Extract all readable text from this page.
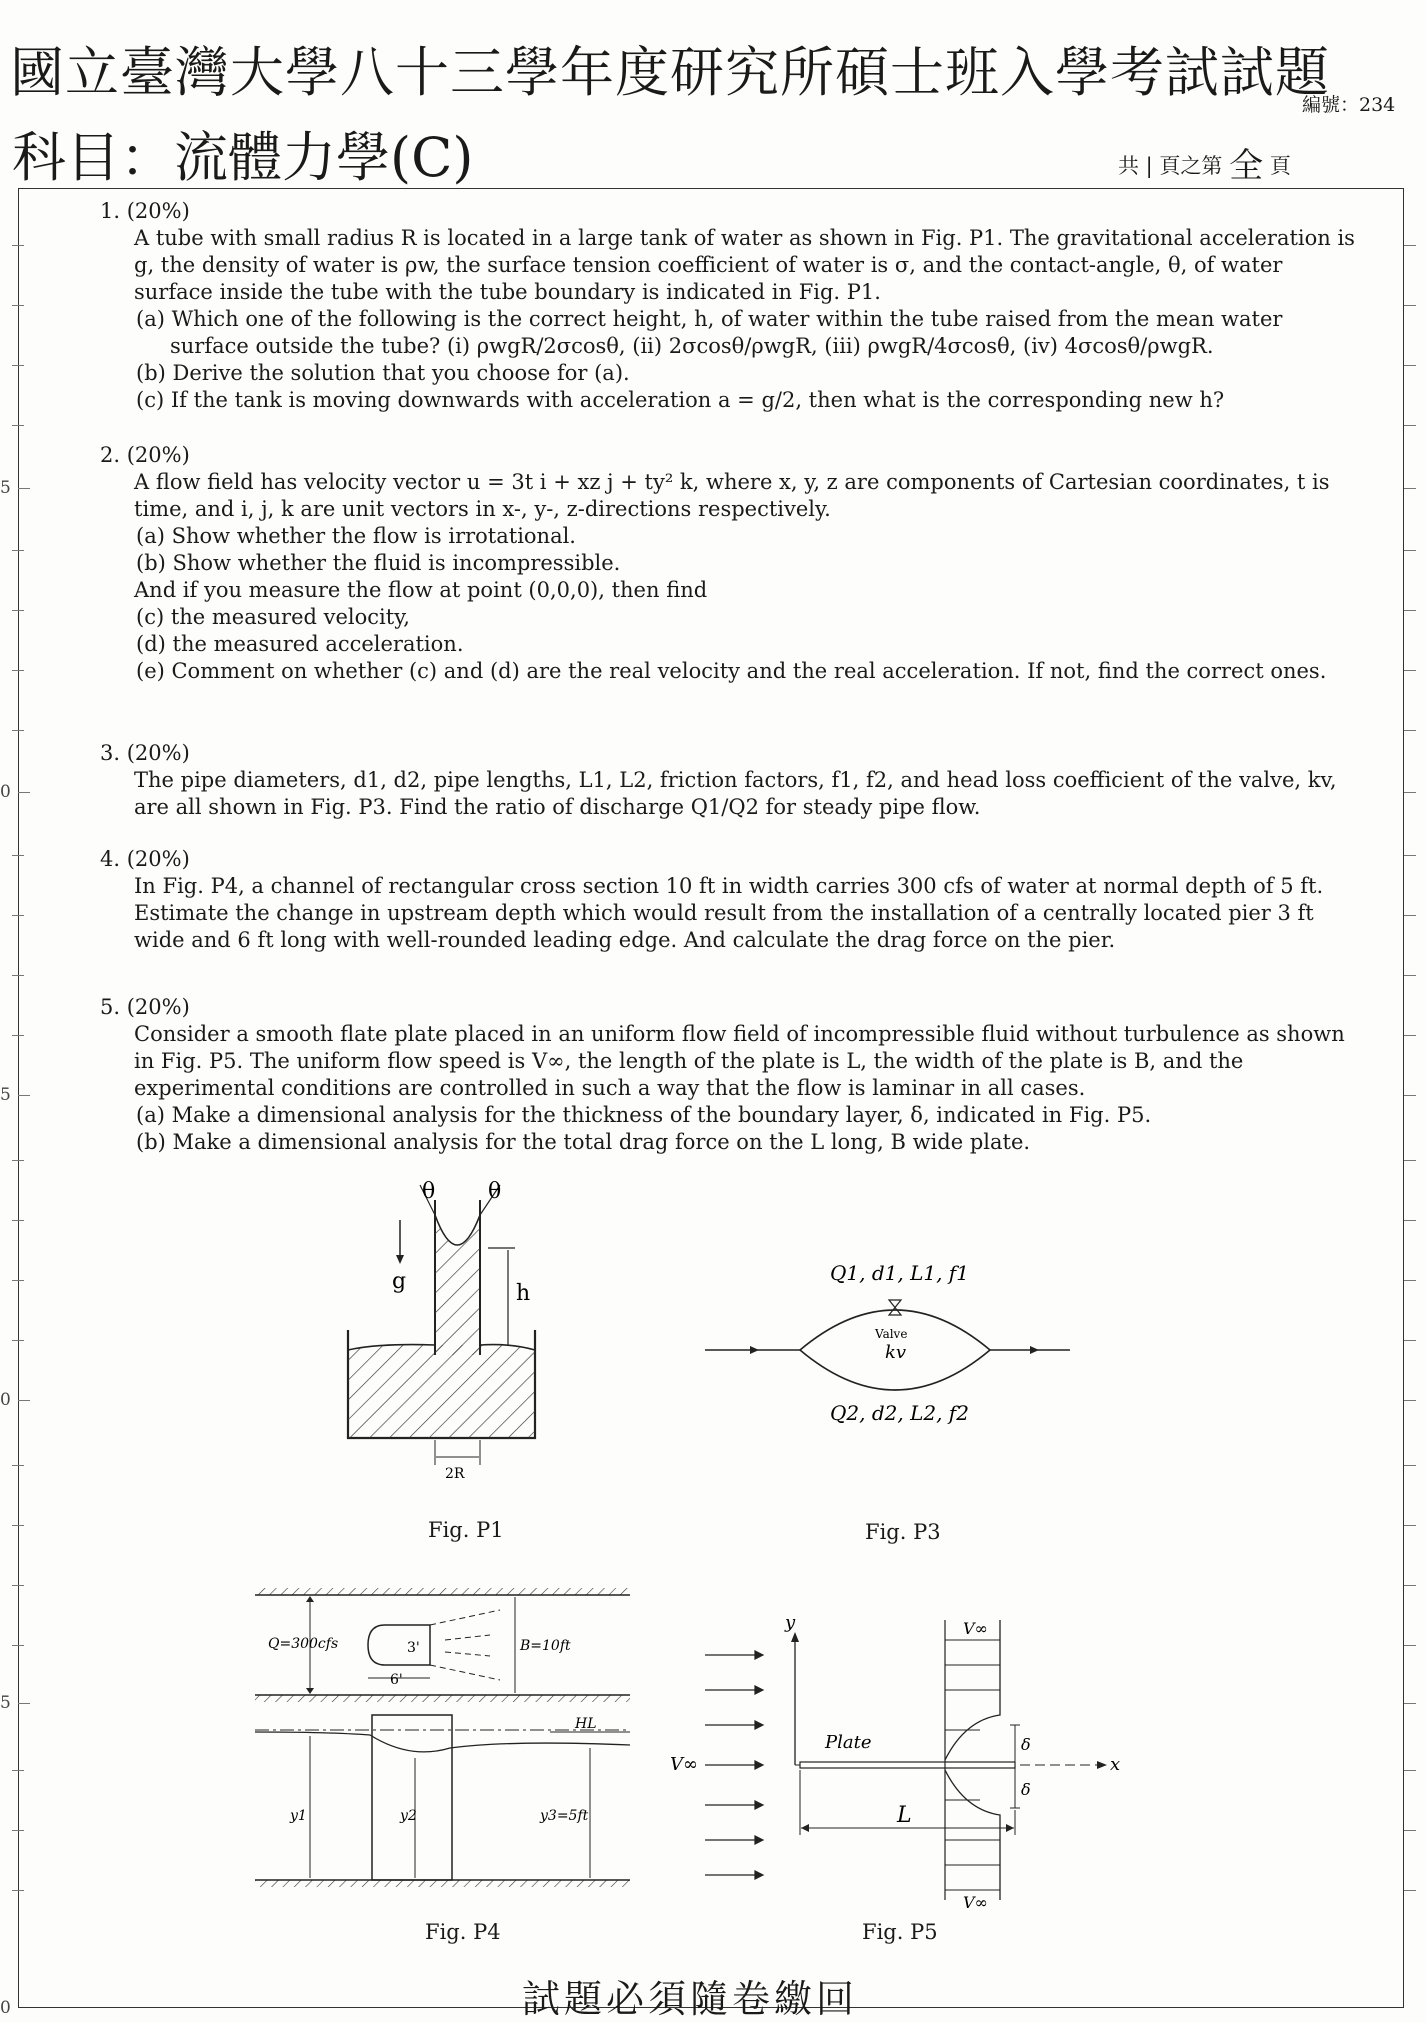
國立臺灣大學八十三學年度研究所碩士班入學考試試題
編號：234
科目：流體力學(C)	共 | 頁之第 全 頁
5
0
5
0
5
0

1. (20%)

A tube with small radius R is located in a large tank of water as shown in Fig. P1. The gravitational acceleration is g, the density of water is ρw, the surface tension coefficient of water is σ, and the contact-angle, θ, of water surface inside the tube with the tube boundary is indicated in Fig. P1.

(a) Which one of the following is the correct height, h, of water within the tube raised from the mean water surface outside the tube? (i) ρwgR/2σcosθ, (ii) 2σcosθ/ρwgR, (iii) ρwgR/4σcosθ, (iv) 4σcosθ/ρwgR.

(b) Derive the solution that you choose for (a).

(c) If the tank is moving downwards with acceleration a = g/2, then what is the corresponding new h?

2. (20%)

A flow field has velocity vector u = 3t i + xz j + ty² k, where x, y, z are components of Cartesian coordinates, t is time, and i, j, k are unit vectors in x-, y-, z-directions respectively.

(a) Show whether the flow is irrotational.

(b) Show whether the fluid is incompressible.

And if you measure the flow at point (0,0,0), then find

(c) the measured velocity,

(d) the measured acceleration.

(e) Comment on whether (c) and (d) are the real velocity and the real acceleration. If not, find the correct ones.

3. (20%)

The pipe diameters, d1, d2, pipe lengths, L1, L2, friction factors, f1, f2, and head loss coefficient of the valve, kv, are all shown in Fig. P3. Find the ratio of discharge Q1/Q2 for steady pipe flow.

4. (20%)

In Fig. P4, a channel of rectangular cross section 10 ft in width carries 300 cfs of water at normal depth of 5 ft. Estimate the change in upstream depth which would result from the installation of a centrally located pier 3 ft wide and 6 ft long with well-rounded leading edge. And calculate the drag force on the pier.

5. (20%)

Consider a smooth flate plate placed in an uniform flow field of incompressible fluid without turbulence as shown in Fig. P5. The uniform flow speed is V∞, the length of the plate is L, the width of the plate is B, and the experimental conditions are controlled in such a way that the flow is laminar in all cases.

(a) Make a dimensional analysis for the thickness of the boundary layer, δ, indicated in Fig. P5.

(b) Make a dimensional analysis for the total drag force on the L long, B wide plate.

θ θ
g	h
2R
Fig. P1
Q1, d1, L1, f1
Valve
kv
Q2, d2, L2, f2
Fig. P3
Q=300cfs	3'
6'
B=10ft
HL
y1	y2	y3=5ft
Fig. P4
y
x
V∞
Plate
V∞
V∞
δ
δ
L
Fig. P5
試題必須隨卷繳回
